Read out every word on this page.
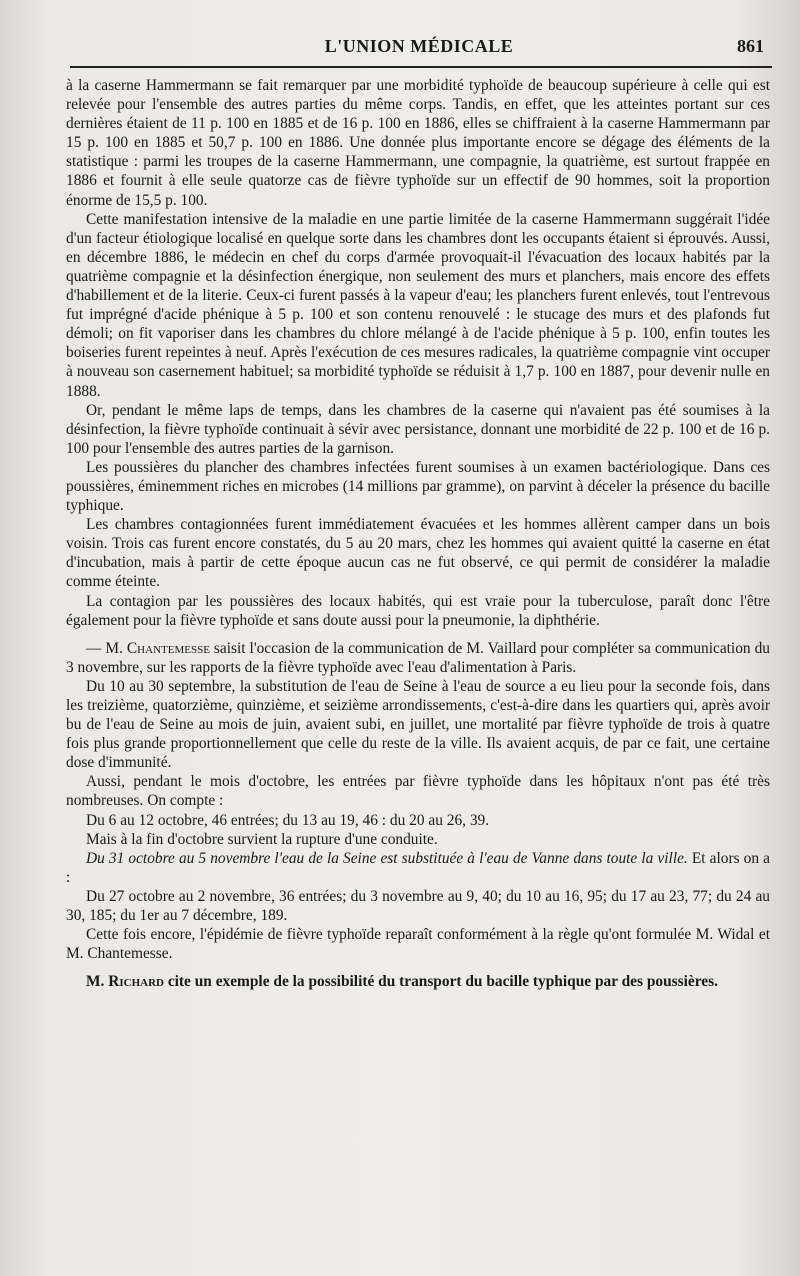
L'UNION MÉDICALE	861

à la caserne Hammermann se fait remarquer par une morbidité typhoïde de beaucoup supérieure à celle qui est relevée pour l'ensemble des autres parties du même corps. Tandis, en effet, que les atteintes portant sur ces dernières étaient de 11 p. 100 en 1885 et de 16 p. 100 en 1886, elles se chiffraient à la caserne Hammermann par 15 p. 100 en 1885 et 50,7 p. 100 en 1886. Une donnée plus importante encore se dégage des éléments de la statistique : parmi les troupes de la caserne Hammermann, une compagnie, la quatrième, est surtout frappée en 1886 et fournit à elle seule quatorze cas de fièvre typhoïde sur un effectif de 90 hommes, soit la proportion énorme de 15,5 p. 100.

Cette manifestation intensive de la maladie en une partie limitée de la caserne Hammermann suggérait l'idée d'un facteur étiologique localisé en quelque sorte dans les chambres dont les occupants étaient si éprouvés. Aussi, en décembre 1886, le médecin en chef du corps d'armée provoquait-il l'évacuation des locaux habités par la quatrième compagnie et la désinfection énergique, non seulement des murs et planchers, mais encore des effets d'habillement et de la literie. Ceux-ci furent passés à la vapeur d'eau; les planchers furent enlevés, tout l'entrevous fut imprégné d'acide phénique à 5 p. 100 et son contenu renouvelé : le stucage des murs et des plafonds fut démoli; on fit vaporiser dans les chambres du chlore mélangé à de l'acide phénique à 5 p. 100, enfin toutes les boiseries furent repeintes à neuf. Après l'exécution de ces mesures radicales, la quatrième compagnie vint occuper à nouveau son casernement habituel; sa morbidité typhoïde se réduisit à 1,7 p. 100 en 1887, pour devenir nulle en 1888.

Or, pendant le même laps de temps, dans les chambres de la caserne qui n'avaient pas été soumises à la désinfection, la fièvre typhoïde continuait à sévir avec persistance, donnant une morbidité de 22 p. 100 et de 16 p. 100 pour l'ensemble des autres parties de la garnison.

Les poussières du plancher des chambres infectées furent soumises à un examen bactériologique. Dans ces poussières, éminemment riches en microbes (14 millions par gramme), on parvint à déceler la présence du bacille typhique.

Les chambres contagionnées furent immédiatement évacuées et les hommes allèrent camper dans un bois voisin. Trois cas furent encore constatés, du 5 au 20 mars, chez les hommes qui avaient quitté la caserne en état d'incubation, mais à partir de cette époque aucun cas ne fut observé, ce qui permit de considérer la maladie comme éteinte.

La contagion par les poussières des locaux habités, qui est vraie pour la tuberculose, paraît donc l'être également pour la fièvre typhoïde et sans doute aussi pour la pneumonie, la diphthérie.

— M. Chantemesse saisit l'occasion de la communication de M. Vaillard pour compléter sa communication du 3 novembre, sur les rapports de la fièvre typhoïde avec l'eau d'alimentation à Paris.

Du 10 au 30 septembre, la substitution de l'eau de Seine à l'eau de source a eu lieu pour la seconde fois, dans les treizième, quatorzième, quinzième, et seizième arrondissements, c'est-à-dire dans les quartiers qui, après avoir bu de l'eau de Seine au mois de juin, avaient subi, en juillet, une mortalité par fièvre typhoïde de trois à quatre fois plus grande proportionnellement que celle du reste de la ville. Ils avaient acquis, de par ce fait, une certaine dose d'immunité.

Aussi, pendant le mois d'octobre, les entrées par fièvre typhoïde dans les hôpitaux n'ont pas été très nombreuses. On compte :

Du 6 au 12 octobre, 46 entrées; du 13 au 19, 46 : du 20 au 26, 39.

Mais à la fin d'octobre survient la rupture d'une conduite.

Du 31 octobre au 5 novembre l'eau de la Seine est substituée à l'eau de Vanne dans toute la ville. Et alors on a :

Du 27 octobre au 2 novembre, 36 entrées; du 3 novembre au 9, 40; du 10 au 16, 95; du 17 au 23, 77; du 24 au 30, 185; du 1er au 7 décembre, 189.

Cette fois encore, l'épidémie de fièvre typhoïde reparaît conformément à la règle qu'ont formulée M. Widal et M. Chantemesse.

M. Richard cite un exemple de la possibilité du transport du bacille typhique par des poussières.
